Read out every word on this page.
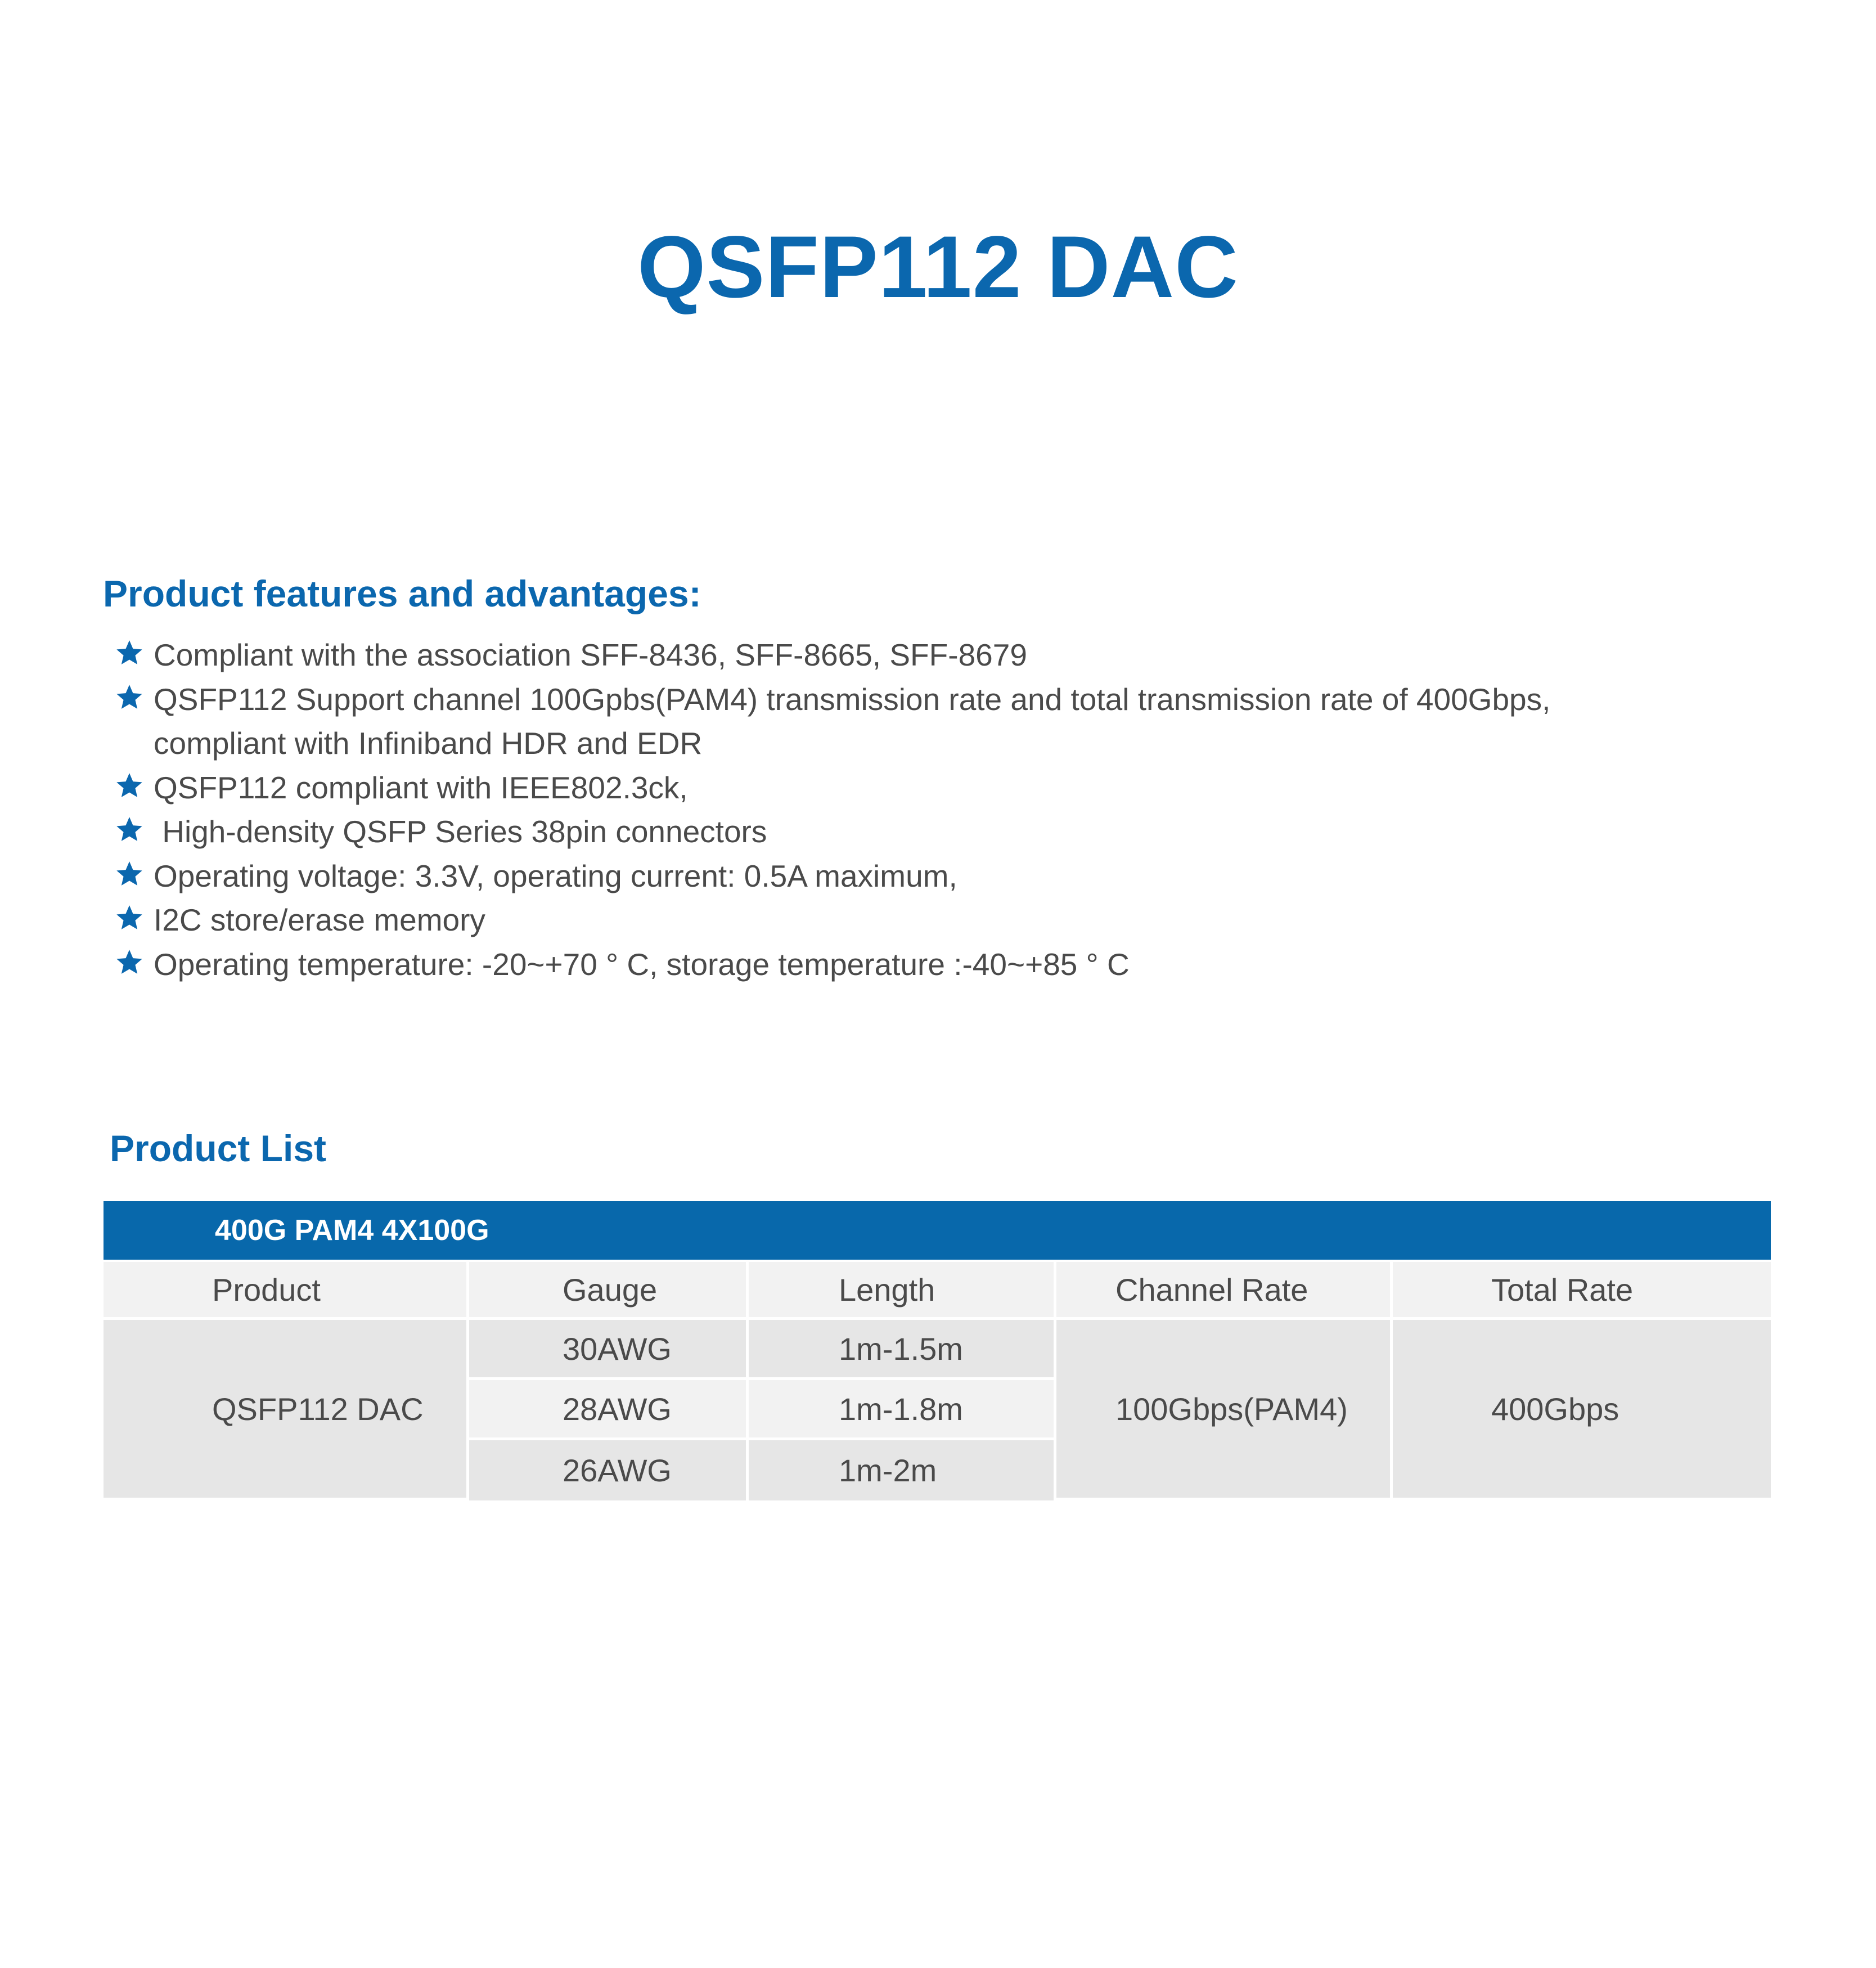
QSFP112 DAC
Product features and advantages:
Compliant with the association SFF-8436, SFF-8665, SFF-8679
QSFP112 Support channel 100Gpbs(PAM4) transmission rate and total transmission rate of 400Gbps,
compliant with Infiniband HDR and EDR
QSFP112 compliant with IEEE802.3ck,
High-density QSFP Series 38pin connectors
Operating voltage: 3.3V, operating current: 0.5A maximum,
I2C store/erase memory
Operating temperature: -20~+70 ° C, storage temperature :-40~+85 ° C
Product List
400G PAM4 4X100G
Product	Gauge	Length	Channel Rate	Total Rate
QSFP112 DAC	30AWG	1m-1.5m	100Gbps(PAM4)	400Gbps
	28AWG	1m-1.8m		
	26AWG	1m-2m		
